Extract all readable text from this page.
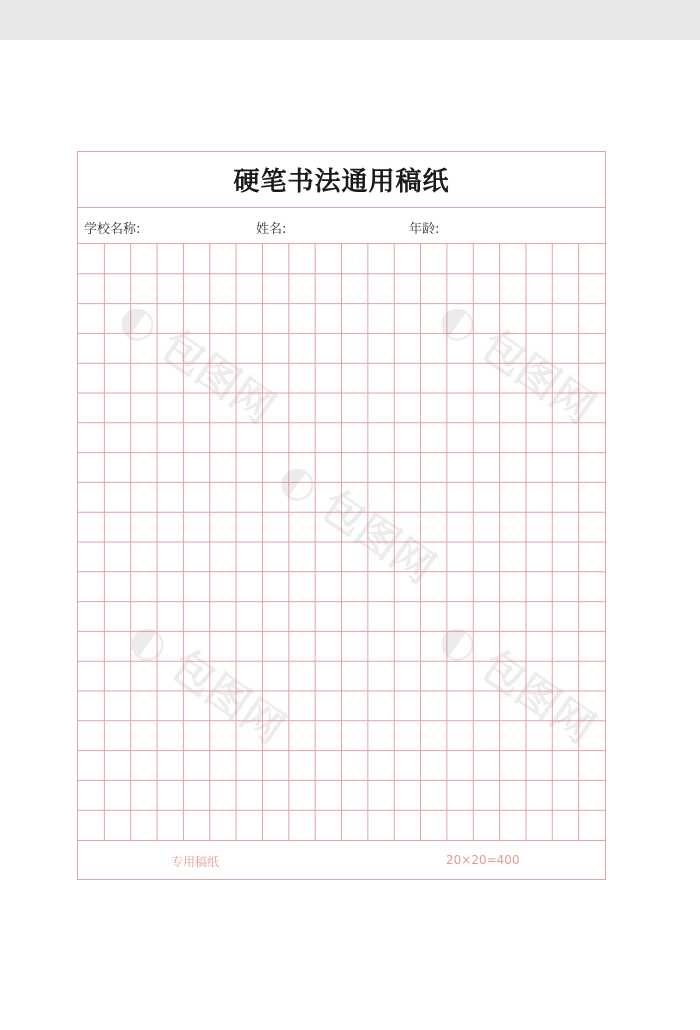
硬笔书法通用稿纸
学校名称:	姓名:	年龄:
专用稿纸	20×20=400
◐ 包图网	◐ 包图网
◐ 包图网
◐ 包图网	◐ 包图网
